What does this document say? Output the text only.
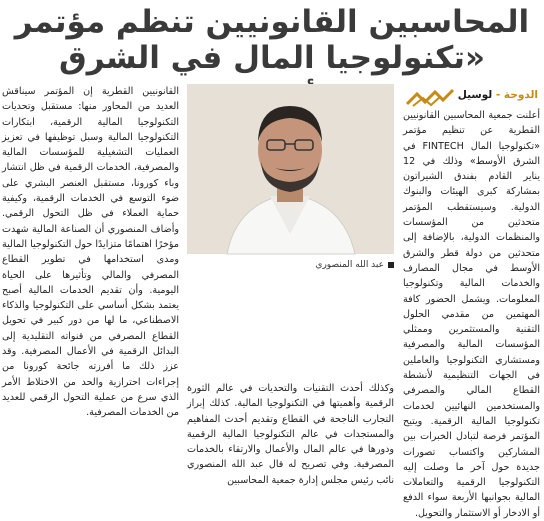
المحاسبين القانونيين تنظم مؤتمر
«تكنولوجيا المال في الشرق
الدوحة - لوسيل

أعلنت جمعية المحاسبين القانونيين القطرية عن تنظيم مؤتمر «تكنولوجيا المال FINTECH في الشرق الأوسط» وذلك في 12 يناير القادم بفندق الشيراتون بمشاركة كبرى الهيئات والبنوك الدولية. وسيستقطب المؤتمر متحدثين من المؤسسات والمنظمات الدولية، بالإضافة إلى متحدثين من دولة قطر والشرق الأوسط في مجال المصارف والخدمات المالية وتكنولوجيا المعلومات. ويشمل الحضور كافة المهتمين من مقدمي الحلول التقنية والمستثمرين وممثلي المؤسسات المالية والمصرفية ومستشاري التكنولوجيا والعاملين في الجهات التنظيمية لأنشطة القطاع المالي والمصرفي والمستخدمين النهائيين لخدمات تكنولوجيا المالية الرقمية. ويتيح المؤتمر فرصة لتبادل الخبرات بين المشاركين واكتساب تصورات جديدة حول آخر ما وصلت إليه التكنولوجيا الرقمية والتعاملات المالية بجوانبها الأربعة سواء الدفع أو الادخار أو الاستثمار والتحويل.

عبد الله المنصوري

وكذلك أحدث التقنيات والتحديات في عالم الثورة الرقمية وأهميتها في التكنولوجيا المالية. كذلك إبراز التجارب الناجحة في القطاع وتقديم أحدث المفاهيم والمستجدات في عالم التكنولوجيا المالية الرقمية ودورها في عالم المال والأعمال والارتقاء بالخدمات المصرفية. وفي تصريح له قال عبد الله المنصوري نائب رئيس مجلس إدارة جمعية المحاسبين

القانونيين القطرية إن المؤتمر سيناقش العديد من المحاور منها: مستقبل وتحديات التكنولوجيا المالية الرقمية، ابتكارات التكنولوجيا المالية وسبل توظيفها في تعزيز العمليات التشغيلية للمؤسسات المالية والمصرفية، الخدمات الرقمية في ظل انتشار وباء كورونا، مستقبل العنصر البشري على ضوء التوسع في الخدمات الرقمية، وكيفية حماية العملاء في ظل التحول الرقمي. وأضاف المنصوري أن الصناعة المالية شهدت مؤخرًا اهتمامًا متزايدًا حول التكنولوجيا المالية ومدى استخدامها في تطوير القطاع المصرفي والمالي وتأثيرها على الحياة اليومية. وأن تقديم الخدمات المالية أصبح يعتمد بشكل أساسي على التكنولوجيا والذكاء الاصطناعي، ما لها من دور كبير في تحويل القطاع المصرفي من قنواته التقليدية إلى البدائل الرقمية في الأعمال المصرفية. وقد عزز ذلك ما أفرزته جائحة كورونا من إجراءات احترازية والحد من الاختلاط الأمر الذي سرع من عملية التحول الرقمي للعديد من الخدمات المصرفية.
